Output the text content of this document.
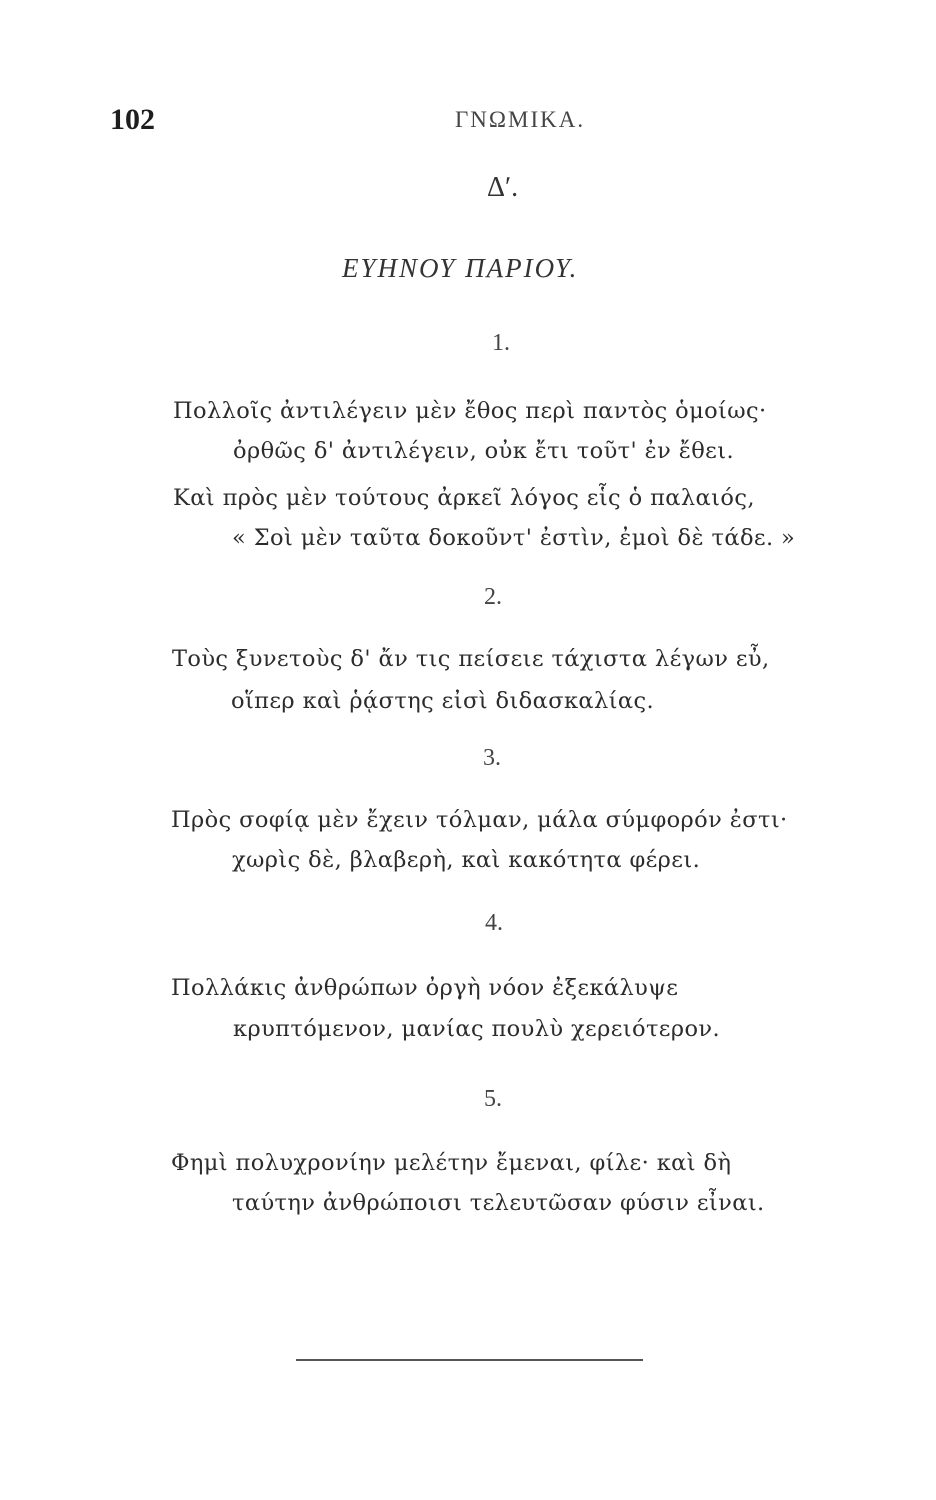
102	ΓΝΩΜΙΚΑ.
Δʹ.
ΕΥΗΝΟΥ ΠΑΡΙΟΥ.
1.
Πολλοῖς ἀντιλέγειν μὲν ἔθος περὶ παντὸς ὁμοίως·
ὀρθῶς δ' ἀντιλέγειν, οὐκ ἔτι τοῦτ' ἐν ἔθει.
Καὶ πρὸς μὲν τούτους ἀρκεῖ λόγος εἷς ὁ παλαιός,
« Σοὶ μὲν ταῦτα δοκοῦντ' ἐστὶν, ἐμοὶ δὲ τάδε. »
2.
Τοὺς ξυνετοὺς δ' ἄν τις πείσειε τάχιστα λέγων εὖ,
οἵπερ καὶ ῥᾴστης εἰσὶ διδασκαλίας.
3.
Πρὸς σοφίᾳ μὲν ἔχειν τόλμαν, μάλα σύμφορόν ἐστι·
χωρὶς δὲ, βλαβερὴ, καὶ κακότητα φέρει.
4.
Πολλάκις ἀνθρώπων ὀργὴ νόον ἐξεκάλυψε
κρυπτόμενον, μανίας πουλὺ χερειότερον.
5.
Φημὶ πολυχρονίην μελέτην ἔμεναι, φίλε· καὶ δὴ
ταύτην ἀνθρώποισι τελευτῶσαν φύσιν εἶναι.
